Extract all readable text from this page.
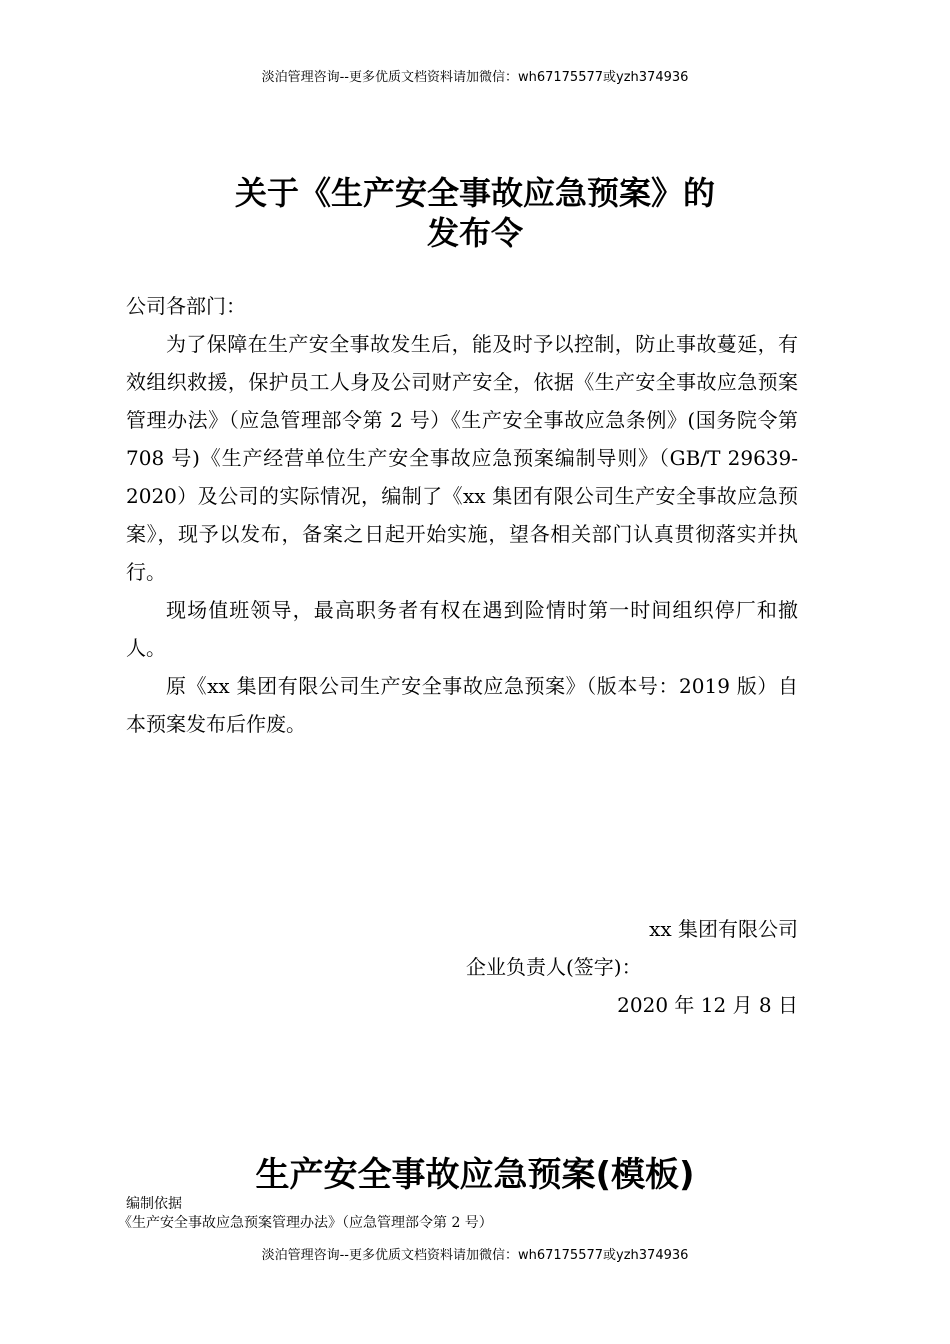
淡泊管理咨询--更多优质文档资料请加微信：wh67175577或yzh374936
关于《生产安全事故应急预案》的
发布令

公司各部门：

为了保障在生产安全事故发生后，能及时予以控制，防止事故蔓延，有效组织救援，保护员工人身及公司财产安全，依据《生产安全事故应急预案管理办法》（应急管理部令第 2 号）《生产安全事故应急条例》(国务院令第 708 号)《生产经营单位生产安全事故应急预案编制导则》（GB/T 29639-2020）及公司的实际情况，编制了《xx 集团有限公司生产安全事故应急预案》，现予以发布，备案之日起开始实施，望各相关部门认真贯彻落实并执行。

现场值班领导，最高职务者有权在遇到险情时第一时间组织停厂和撤人。

原《xx 集团有限公司生产安全事故应急预案》（版本号：2019 版）自本预案发布后作废。

xx 集团有限公司
企业负责人(签字)：
2020 年 12 月 8 日
生产安全事故应急预案(模板)
编制依据
《生产安全事故应急预案管理办法》（应急管理部令第 2 号）
淡泊管理咨询--更多优质文档资料请加微信：wh67175577或yzh374936
